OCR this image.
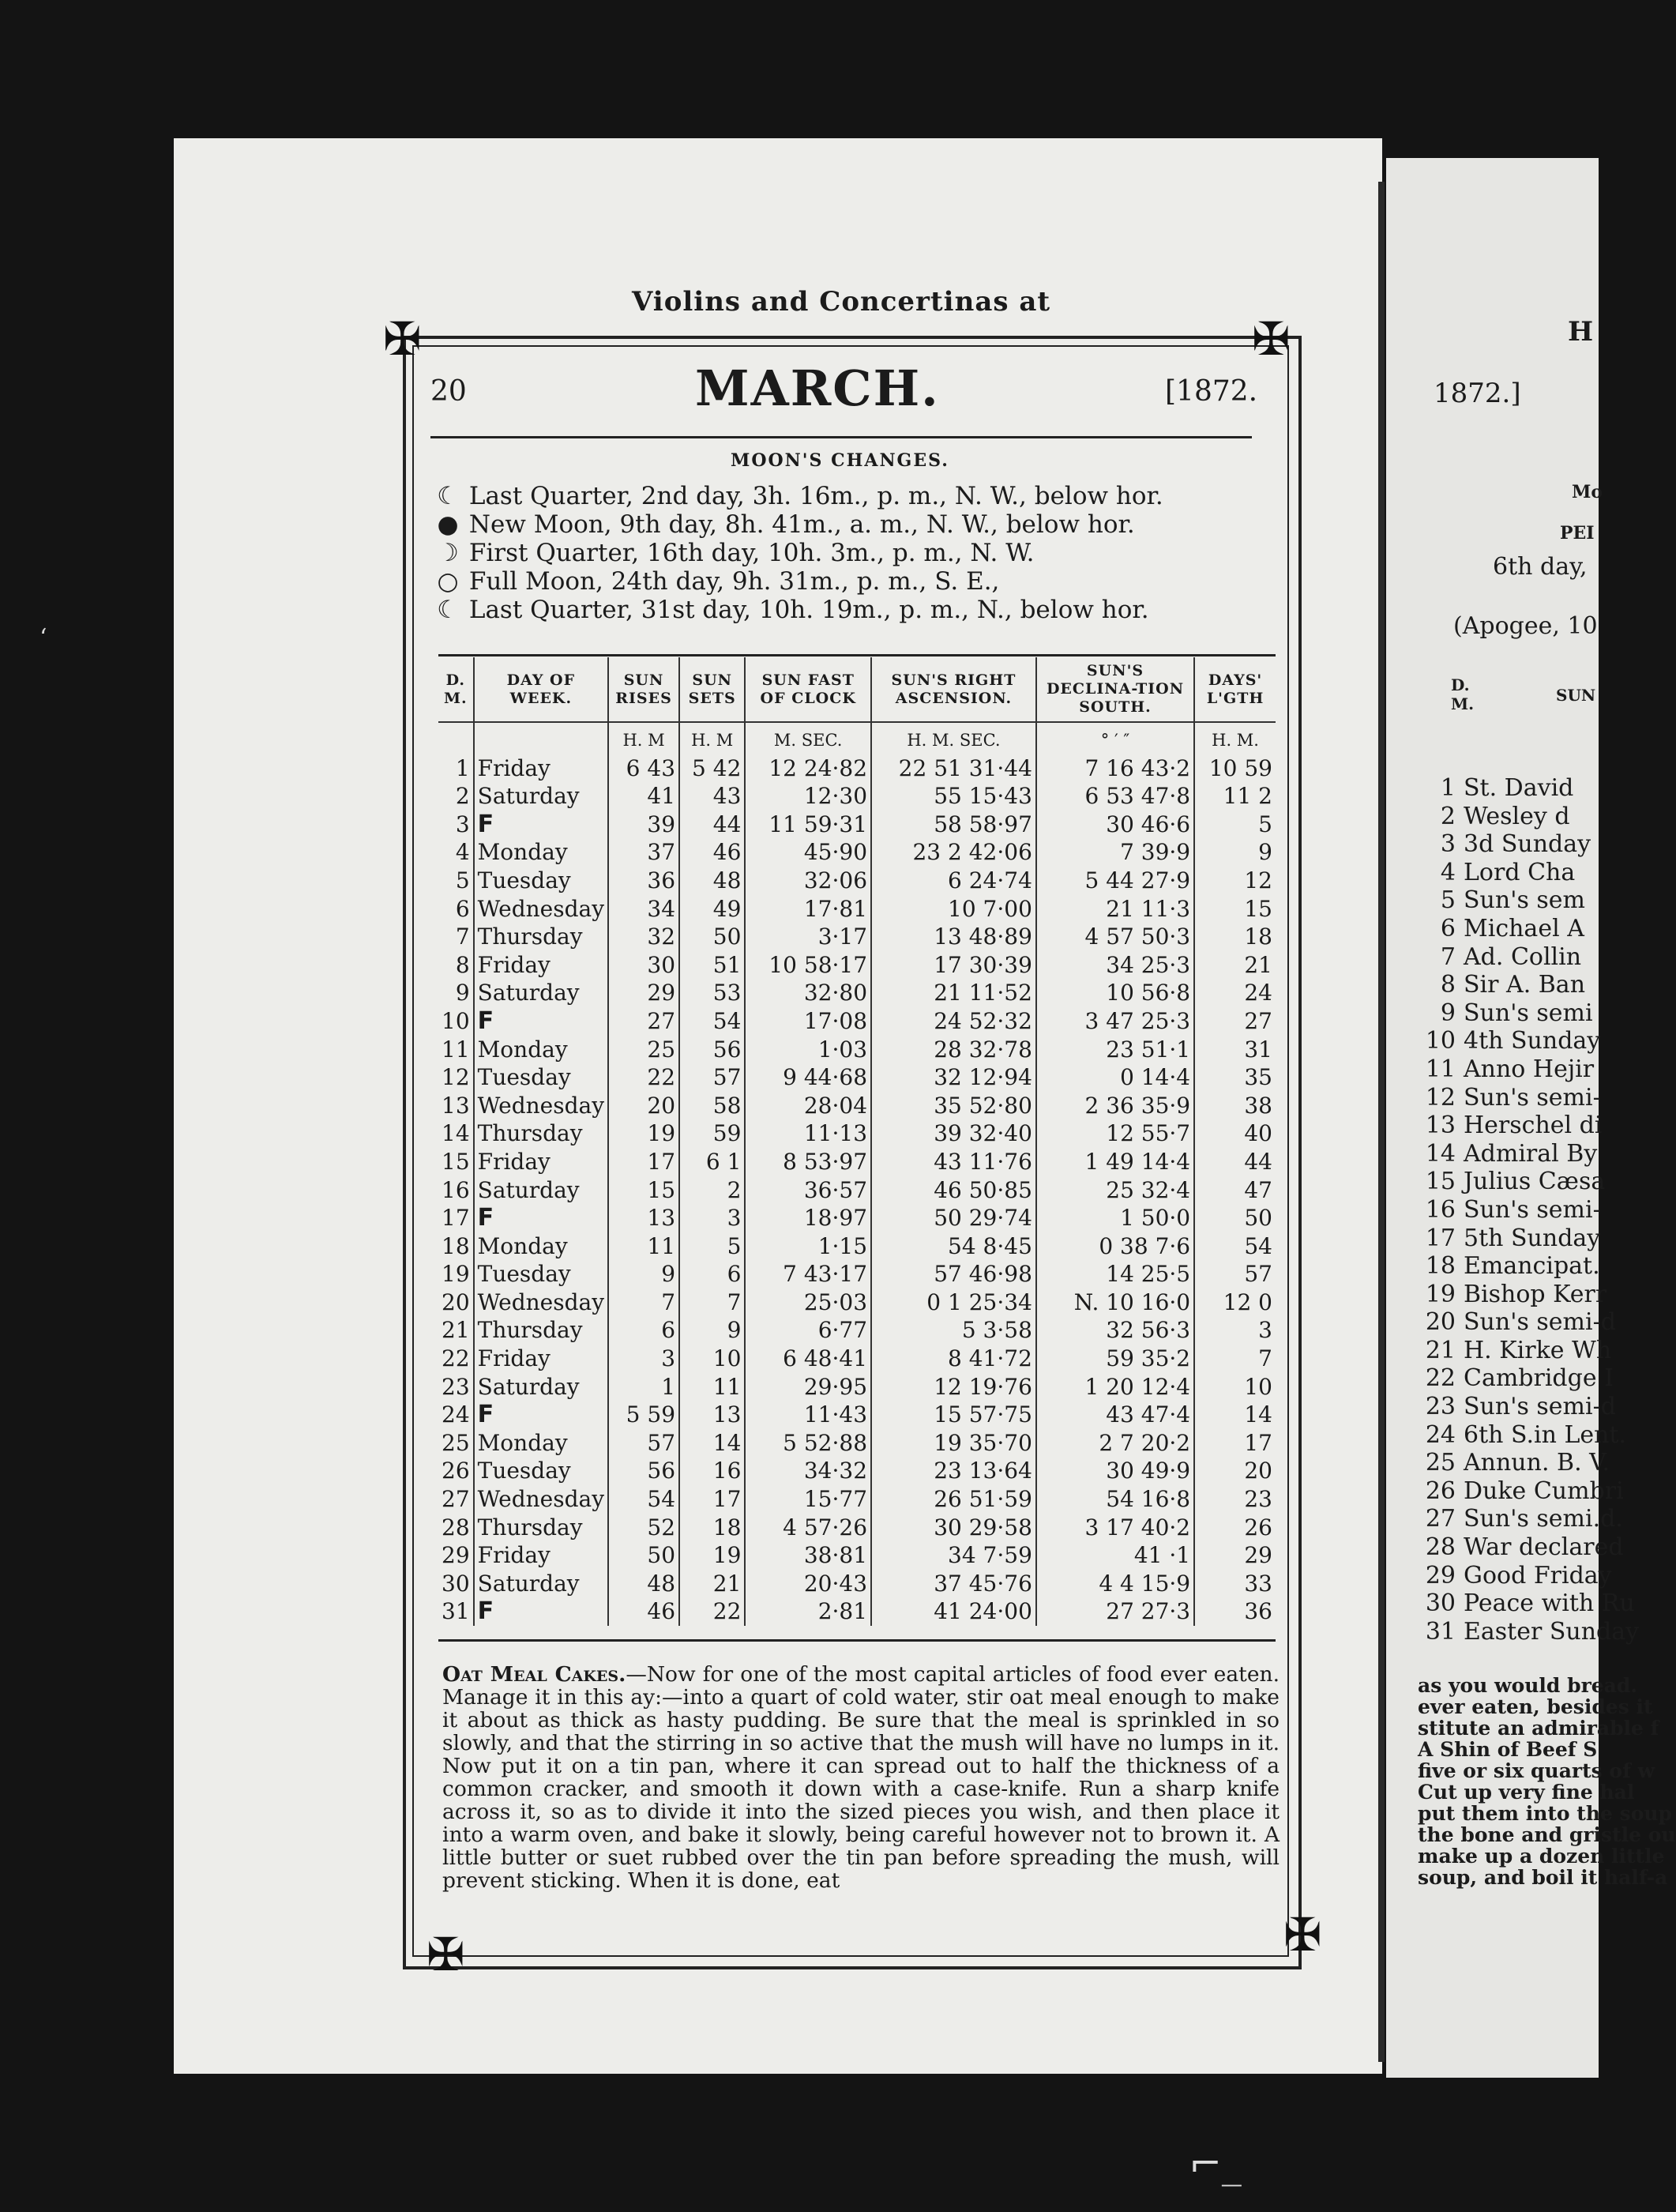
Violins and Concertinas at
✠	✠
✠	✠
20	MARCH.	[1872.
MOON'S CHANGES.
☾ Last Quarter, 2nd day, 3h. 16m., p. m., N. W., below hor.
● New Moon, 9th day, 8h. 41m., a. m., N. W., below hor.
☽ First Quarter, 16th day, 10h. 3m., p. m., N. W.
○ Full Moon, 24th day, 9h. 31m., p. m., S. E.,
☾ Last Quarter, 31st day, 10h. 19m., p. m., N., below hor.
D. M.	DAY OF WEEK.	SUN RISES	SUN SETS	SUN FAST OF CLOCK	SUN'S RIGHT ASCENSION.	SUN'S DECLINA-TION SOUTH.	DAYS' L'GTH
		H. M	H. M	M. SEC.	H. M. SEC.	° ′ ″	H. M.
1	Friday	6 43	5 42	12 24·82	22 51 31·44	7 16 43·2	10 59
2	Saturday	41	43	12·30	55 15·43	6 53 47·8	11 2
3	F	39	44	11 59·31	58 58·97	30 46·6	5
4	Monday	37	46	45·90	23 2 42·06	7 39·9	9
5	Tuesday	36	48	32·06	6 24·74	5 44 27·9	12
6	Wednesday	34	49	17·81	10 7·00	21 11·3	15
7	Thursday	32	50	3·17	13 48·89	4 57 50·3	18
8	Friday	30	51	10 58·17	17 30·39	34 25·3	21
9	Saturday	29	53	32·80	21 11·52	10 56·8	24
10	F	27	54	17·08	24 52·32	3 47 25·3	27
11	Monday	25	56	1·03	28 32·78	23 51·1	31
12	Tuesday	22	57	9 44·68	32 12·94	0 14·4	35
13	Wednesday	20	58	28·04	35 52·80	2 36 35·9	38
14	Thursday	19	59	11·13	39 32·40	12 55·7	40
15	Friday	17	6 1	8 53·97	43 11·76	1 49 14·4	44
16	Saturday	15	2	36·57	46 50·85	25 32·4	47
17	F	13	3	18·97	50 29·74	1 50·0	50
18	Monday	11	5	1·15	54 8·45	0 38 7·6	54
19	Tuesday	9	6	7 43·17	57 46·98	14 25·5	57
20	Wednesday	7	7	25·03	0 1 25·34	N. 10 16·0	12 0
21	Thursday	6	9	6·77	5 3·58	32 56·3	3
22	Friday	3	10	6 48·41	8 41·72	59 35·2	7
23	Saturday	1	11	29·95	12 19·76	1 20 12·4	10
24	F	5 59	13	11·43	15 57·75	43 47·4	14
25	Monday	57	14	5 52·88	19 35·70	2 7 20·2	17
26	Tuesday	56	16	34·32	23 13·64	30 49·9	20
27	Wednesday	54	17	15·77	26 51·59	54 16·8	23
28	Thursday	52	18	4 57·26	30 29·58	3 17 40·2	26
29	Friday	50	19	38·81	34 7·59	41 ·1	29
30	Saturday	48	21	20·43	37 45·76	4 4 15·9	33
31	F	46	22	2·81	41 24·00	27 27·3	36
Oat Meal Cakes.—Now for one of the most capital articles of food ever eaten. Manage it in this ay:—into a quart of cold water, stir oat meal enough to make it about as thick as hasty pudding. Be sure that the meal is sprinkled in so slowly, and that the stirring in so active that the mush will have no lumps in it. Now put it on a tin pan, where it can spread out to half the thickness of a common cracker, and smooth it down with a case-knife. Run a sharp knife across it, so as to divide it into the sized pieces you wish, and then place it into a warm oven, and bake it slowly, being careful however not to brown it. A little butter or suet rubbed over the tin pan before spreading the mush, will prevent sticking. When it is done, eat
H
1872.]
Mo
PEI
6th day,
(Apogee, 10
D. M.	SUN
1 St. David
2 Wesley d
3 3d Sunday
4 Lord Cha
5 Sun's sem
6 Michael A
7 Ad. Collin
8 Sir A. Ban
9 Sun's semi
10 4th Sunday
11 Anno Hejir
12 Sun's semi-
13 Herschel di
14 Admiral By
15 Julius Cæsa
16 Sun's semi-
17 5th Sunday
18 Emancipat.
19 Bishop Kerr
20 Sun's semi-d
21 H. Kirke Wh
22 Cambridge I
23 Sun's semi-d
24 6th S.in Lent.
25 Annun. B. V.
26 Duke Cumbri
27 Sun's semi.d.
28 War declared
29 Good Friday
30 Peace with Ru
31 Easter Sunday
as you would bread.
ever eaten, besides it
stitute an admirable f
A Shin of Beef S
five or six quarts of w
Cut up very fine hal
put them into the soup
the bone and gristle ou
make up a dozen little
soup, and boil it half-a
ʻ
⌐_
